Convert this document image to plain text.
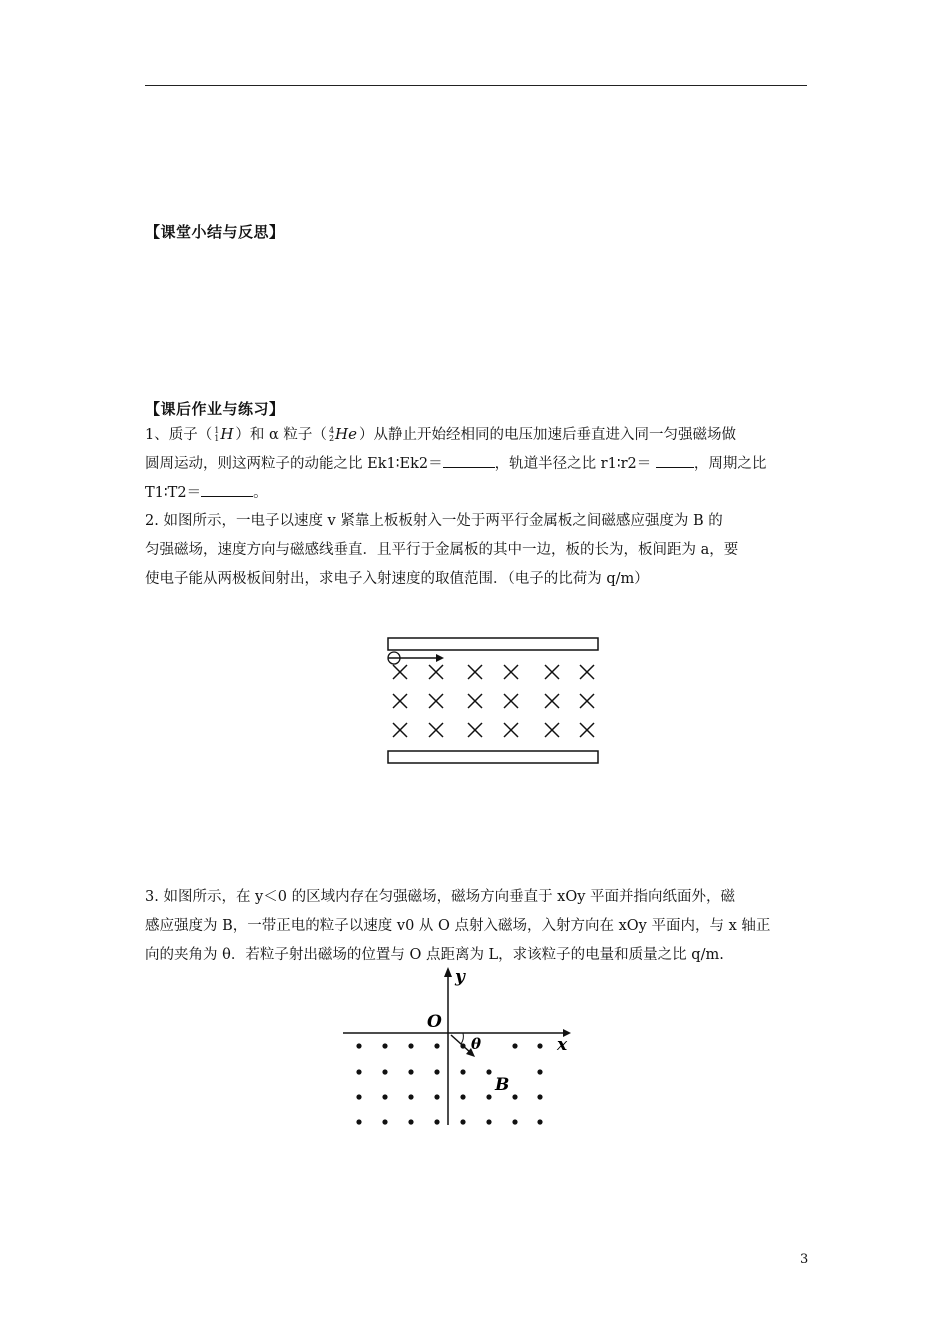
【课堂小结与反思】
【课后作业与练习】
1、质子（ 1
1 H ）和 α 粒子（ 4
2 He ）从静止开始经相同的电压加速后垂直进入同一匀强磁场做
圆周运动，则这两粒子的动能之比 Ek1∶Ek2＝	，轨道半径之比 r1∶r2＝	，周期之比
T1∶T2＝	。
2. 如图所示，一电子以速度 v 紧靠上板板射入一处于两平行金属板之间磁感应强度为 B 的
匀强磁场，速度方向与磁感线垂直．且平行于金属板的其中一边，板的长为，板间距为 a，要
使电子能从两极板间射出，求电子入射速度的取值范围．（电子的比荷为 q/m）
3. 如图所示，在 y＜0 的区域内存在匀强磁场，磁场方向垂直于 xOy 平面并指向纸面外，磁
感应强度为 B，一带正电的粒子以速度 v0 从 O 点射入磁场，入射方向在 xOy 平面内，与 x 轴正
向的夹角为 θ．若粒子射出磁场的位置与 O 点距离为 L，求该粒子的电量和质量之比 q/m.
y
x
O
θ
B
3
